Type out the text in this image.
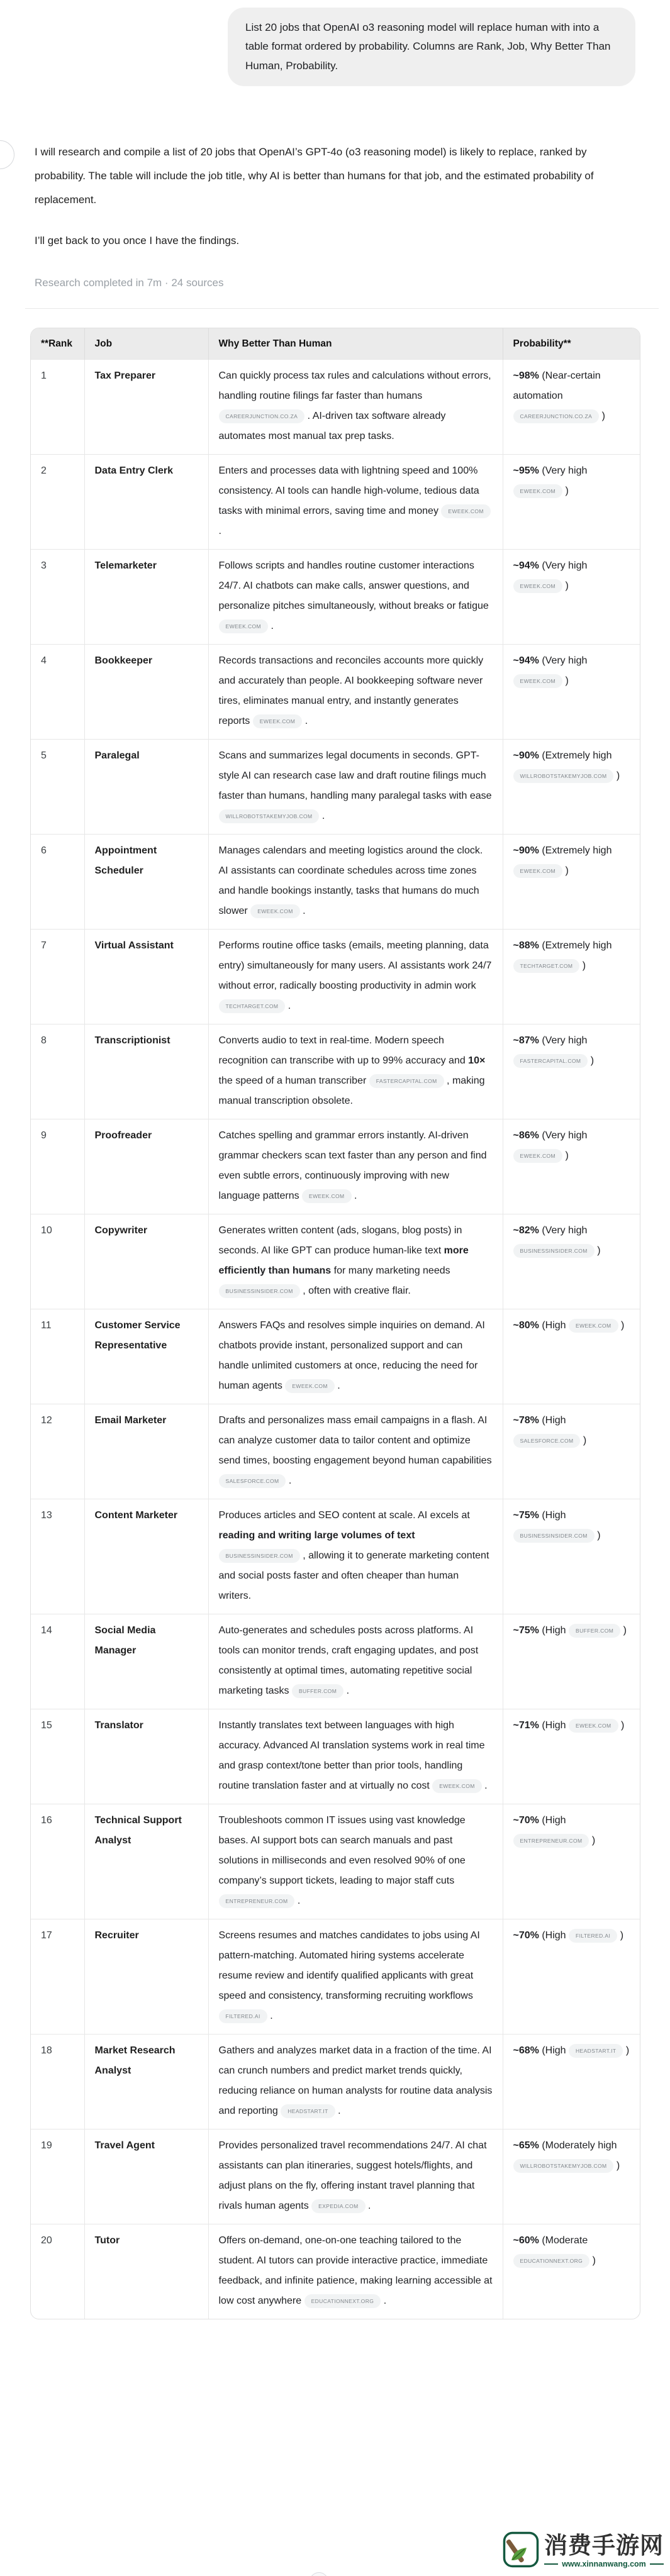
List 20 jobs that OpenAI o3 reasoning model will replace human with into a table format ordered by probability. Columns are Rank, Job, Why Better Than Human, Probability.

I will research and compile a list of 20 jobs that OpenAI’s GPT-4o (o3 reasoning model) is likely to replace, ranked by probability. The table will include the job title, why AI is better than humans for that job, and the estimated probability of replacement.

I’ll get back to you once I have the findings.

Research completed in 7m · 24 sources
**Rank	Job	Why Better Than Human	Probability**
1	Tax Preparer	Can quickly process tax rules and calculations without errors, handling routine filings far faster than humans CAREERJUNCTION.CO.ZA . AI-driven tax software already automates most manual tax prep tasks.	~98% (Near-certain automation CAREERJUNCTION.CO.ZA )
2	Data Entry Clerk	Enters and processes data with lightning speed and 100% consistency. AI tools can handle high-volume, tedious data tasks with minimal errors, saving time and money EWEEK.COM .	~95% (Very high EWEEK.COM )
3	Telemarketer	Follows scripts and handles routine customer interactions 24/7. AI chatbots can make calls, answer questions, and personalize pitches simultaneously, without breaks or fatigue EWEEK.COM .	~94% (Very high EWEEK.COM )
4	Bookkeeper	Records transactions and reconciles accounts more quickly and accurately than people. AI bookkeeping software never tires, eliminates manual entry, and instantly generates reports EWEEK.COM .	~94% (Very high EWEEK.COM )
5	Paralegal	Scans and summarizes legal documents in seconds. GPT-style AI can research case law and draft routine filings much faster than humans, handling many paralegal tasks with ease WILLROBOTSTAKEMYJOB.COM .	~90% (Extremely high WILLROBOTSTAKEMYJOB.COM )
6	Appointment Scheduler	Manages calendars and meeting logistics around the clock. AI assistants can coordinate schedules across time zones and handle bookings instantly, tasks that humans do much slower EWEEK.COM .	~90% (Extremely high EWEEK.COM )
7	Virtual Assistant	Performs routine office tasks (emails, meeting planning, data entry) simultaneously for many users. AI assistants work 24/7 without error, radically boosting productivity in admin work TECHTARGET.COM .	~88% (Extremely high TECHTARGET.COM )
8	Transcriptionist	Converts audio to text in real-time. Modern speech recognition can transcribe with up to 99% accuracy and 10× the speed of a human transcriber FASTERCAPITAL.COM , making manual transcription obsolete.	~87% (Very high FASTERCAPITAL.COM )
9	Proofreader	Catches spelling and grammar errors instantly. AI-driven grammar checkers scan text faster than any person and find even subtle errors, continuously improving with new language patterns EWEEK.COM .	~86% (Very high EWEEK.COM )
10	Copywriter	Generates written content (ads, slogans, blog posts) in seconds. AI like GPT can produce human-like text more efficiently than humans for many marketing needs BUSINESSINSIDER.COM , often with creative flair.	~82% (Very high BUSINESSINSIDER.COM )
11	Customer Service Representative	Answers FAQs and resolves simple inquiries on demand. AI chatbots provide instant, personalized support and can handle unlimited customers at once, reducing the need for human agents EWEEK.COM .	~80% (High EWEEK.COM )
12	Email Marketer	Drafts and personalizes mass email campaigns in a flash. AI can analyze customer data to tailor content and optimize send times, boosting engagement beyond human capabilities SALESFORCE.COM .	~78% (High SALESFORCE.COM )
13	Content Marketer	Produces articles and SEO content at scale. AI excels at reading and writing large volumes of text BUSINESSINSIDER.COM , allowing it to generate marketing content and social posts faster and often cheaper than human writers.	~75% (High BUSINESSINSIDER.COM )
14	Social Media Manager	Auto-generates and schedules posts across platforms. AI tools can monitor trends, craft engaging updates, and post consistently at optimal times, automating repetitive social marketing tasks BUFFER.COM .	~75% (High BUFFER.COM )
15	Translator	Instantly translates text between languages with high accuracy. Advanced AI translation systems work in real time and grasp context/tone better than prior tools, handling routine translation faster and at virtually no cost EWEEK.COM .	~71% (High EWEEK.COM )
16	Technical Support Analyst	Troubleshoots common IT issues using vast knowledge bases. AI support bots can search manuals and past solutions in milliseconds and even resolved 90% of one company’s support tickets, leading to major staff cuts ENTREPRENEUR.COM .	~70% (High ENTREPRENEUR.COM )
17	Recruiter	Screens resumes and matches candidates to jobs using AI pattern-matching. Automated hiring systems accelerate resume review and identify qualified applicants with great speed and consistency, transforming recruiting workflows FILTERED.AI .	~70% (High FILTERED.AI )
18	Market Research Analyst	Gathers and analyzes market data in a fraction of the time. AI can crunch numbers and predict market trends quickly, reducing reliance on human analysts for routine data analysis and reporting HEADSTART.IT .	~68% (High HEADSTART.IT )
19	Travel Agent	Provides personalized travel recommendations 24/7. AI chat assistants can plan itineraries, suggest hotels/flights, and adjust plans on the fly, offering instant travel planning that rivals human agents EXPEDIA.COM .	~65% (Moderately high WILLROBOTSTAKEMYJOB.COM )
20	Tutor	Offers on-demand, one-on-one teaching tailored to the student. AI tutors can provide interactive practice, immediate feedback, and infinite patience, making learning accessible at low cost anywhere EDUCATIONNEXT.ORG .	~60% (Moderate EDUCATIONNEXT.ORG )
消费手游网
www.xinnanwang.com
